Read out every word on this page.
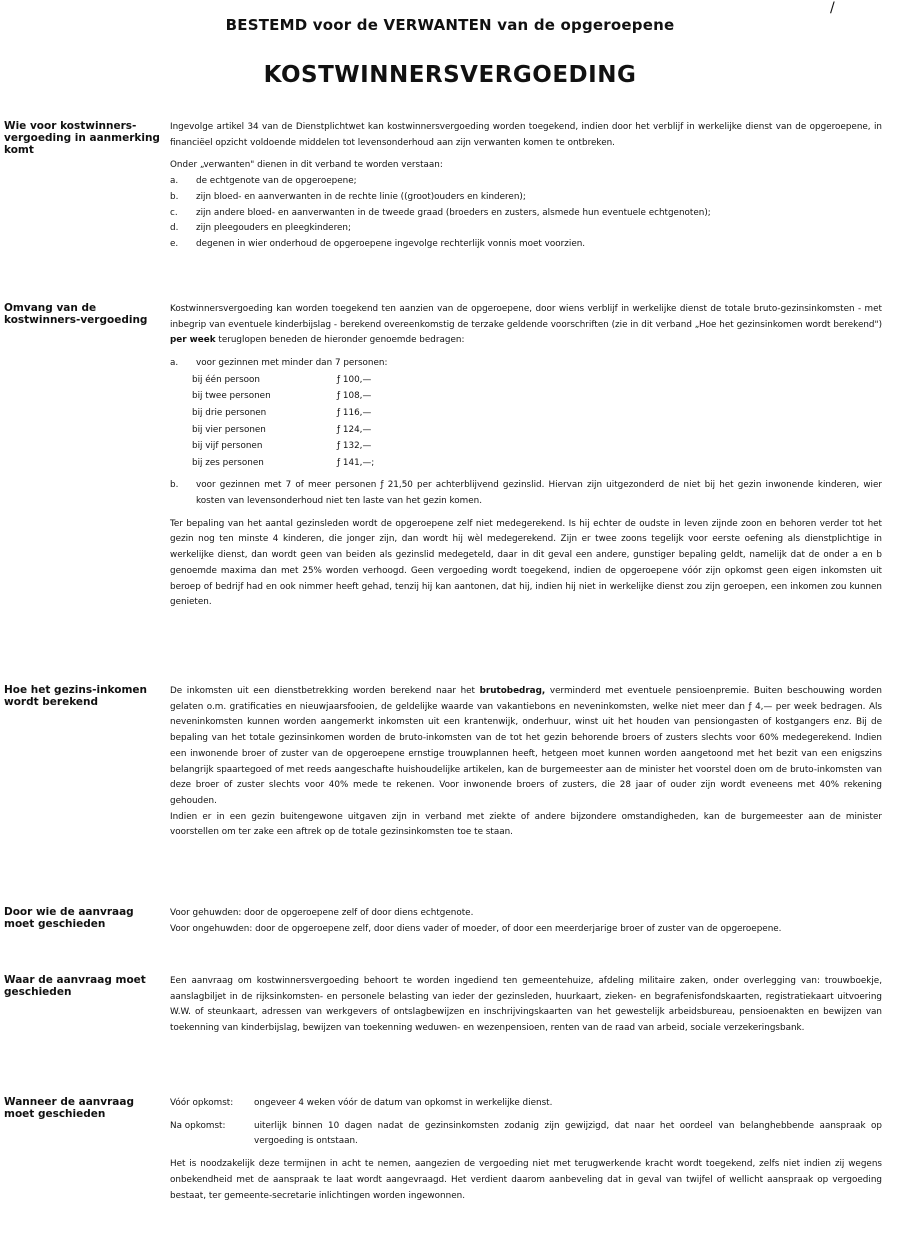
/
BESTEMD voor de VERWANTEN van de opgeroepene
KOSTWINNERSVERGOEDING
Wie voor kostwinners-vergoeding in aanmerking komt

Ingevolge artikel 34 van de Dienstplichtwet kan kostwinnersvergoeding worden toegekend, indien door het verblijf in werkelijke dienst van de opgeroepene, in financiëel opzicht voldoende middelen tot levensonderhoud aan zijn verwanten komen te ontbreken.

Onder „verwanten" dienen in dit verband te worden verstaan:

a. de echtgenote van de opgeroepene;
b. zijn bloed- en aanverwanten in de rechte linie ((groot)ouders en kinderen);
c. zijn andere bloed- en aanverwanten in de tweede graad (broeders en zusters, alsmede hun eventuele echtgenoten);
d. zijn pleegouders en pleegkinderen;
e. degenen in wier onderhoud de opgeroepene ingevolge rechterlijk vonnis moet voorzien.
Omvang van de kostwinners-vergoeding

Kostwinnersvergoeding kan worden toegekend ten aanzien van de opgeroepene, door wiens verblijf in werkelijke dienst de totale bruto-gezinsinkomsten - met inbegrip van eventuele kinderbijslag - berekend overeenkomstig de terzake geldende voorschriften (zie in dit verband „Hoe het gezinsinkomen wordt berekend") per week teruglopen beneden de hieronder genoemde bedragen:

a. voor gezinnen met minder dan 7 personen:
bij één persoon	ƒ 100,—
bij twee personen	ƒ 108,—
bij drie personen	ƒ 116,—
bij vier personen	ƒ 124,—
bij vijf personen	ƒ 132,—
bij zes personen	ƒ 141,—;
b. voor gezinnen met 7 of meer personen ƒ 21,50 per achterblijvend gezinslid. Hiervan zijn uitgezonderd de niet bij het gezin inwonende kinderen, wier kosten van levensonderhoud niet ten laste van het gezin komen.

Ter bepaling van het aantal gezinsleden wordt de opgeroepene zelf niet medegerekend. Is hij echter de oudste in leven zijnde zoon en behoren verder tot het gezin nog ten minste 4 kinderen, die jonger zijn, dan wordt hij wèl medegerekend. Zijn er twee zoons tegelijk voor eerste oefening als dienstplichtige in werkelijke dienst, dan wordt geen van beiden als gezinslid medegeteld, daar in dit geval een andere, gunstiger bepaling geldt, namelijk dat de onder a en b genoemde maxima dan met 25% worden verhoogd. Geen vergoeding wordt toegekend, indien de opgeroepene vóór zijn opkomst geen eigen inkomsten uit beroep of bedrijf had en ook nimmer heeft gehad, tenzij hij kan aantonen, dat hij, indien hij niet in werkelijke dienst zou zijn geroepen, een inkomen zou kunnen genieten.

Hoe het gezins-inkomen wordt berekend

De inkomsten uit een dienstbetrekking worden berekend naar het brutobedrag, verminderd met eventuele pensioenpremie. Buiten beschouwing worden gelaten o.m. gratificaties en nieuwjaarsfooien, de geldelijke waarde van vakantiebons en neveninkomsten, welke niet meer dan ƒ 4,— per week bedragen. Als neveninkomsten kunnen worden aangemerkt inkomsten uit een krantenwijk, onderhuur, winst uit het houden van pensiongasten of kostgangers enz. Bij de bepaling van het totale gezinsinkomen worden de bruto-inkomsten van de tot het gezin behorende broers of zusters slechts voor 60% medegerekend. Indien een inwonende broer of zuster van de opgeroepene ernstige trouwplannen heeft, hetgeen moet kunnen worden aangetoond met het bezit van een enigszins belangrijk spaartegoed of met reeds aangeschafte huishoudelijke artikelen, kan de burgemeester aan de minister het voorstel doen om de bruto-inkomsten van deze broer of zuster slechts voor 40% mede te rekenen. Voor inwonende broers of zusters, die 28 jaar of ouder zijn wordt eveneens met 40% rekening gehouden.

Indien er in een gezin buitengewone uitgaven zijn in verband met ziekte of andere bijzondere omstandigheden, kan de burgemeester aan de minister voorstellen om ter zake een aftrek op de totale gezinsinkomsten toe te staan.

Door wie de aanvraag moet geschieden

Voor gehuwden: door de opgeroepene zelf of door diens echtgenote.

Voor ongehuwden: door de opgeroepene zelf, door diens vader of moeder, of door een meerderjarige broer of zuster van de opgeroepene.

Waar de aanvraag moet geschieden

Een aanvraag om kostwinnersvergoeding behoort te worden ingediend ten gemeentehuize, afdeling militaire zaken, onder overlegging van: trouwboekje, aanslagbiljet in de rijksinkomsten- en personele belasting van ieder der gezinsleden, huurkaart, zieken- en begrafenisfondskaarten, registratiekaart uitvoering W.W. of steunkaart, adressen van werkgevers of ontslagbewijzen en inschrijvingskaarten van het gewestelijk arbeidsbureau, pensioenakten en bewijzen van toekenning van kinderbijslag, bewijzen van toekenning weduwen- en wezenpensioen, renten van de raad van arbeid, sociale verzekeringsbank.

Wanneer de aanvraag moet geschieden
Vóór opkomst:	ongeveer 4 weken vóór de datum van opkomst in werkelijke dienst.
Na opkomst:	uiterlijk binnen 10 dagen nadat de gezinsinkomsten zodanig zijn gewijzigd, dat naar het oordeel van belanghebbende aanspraak op vergoeding is ontstaan.

Het is noodzakelijk deze termijnen in acht te nemen, aangezien de vergoeding niet met terugwerkende kracht wordt toegekend, zelfs niet indien zij wegens onbekendheid met de aanspraak te laat wordt aangevraagd. Het verdient daarom aanbeveling dat in geval van twijfel of wellicht aanspraak op vergoeding bestaat, ter gemeente-secretarie inlichtingen worden ingewonnen.
